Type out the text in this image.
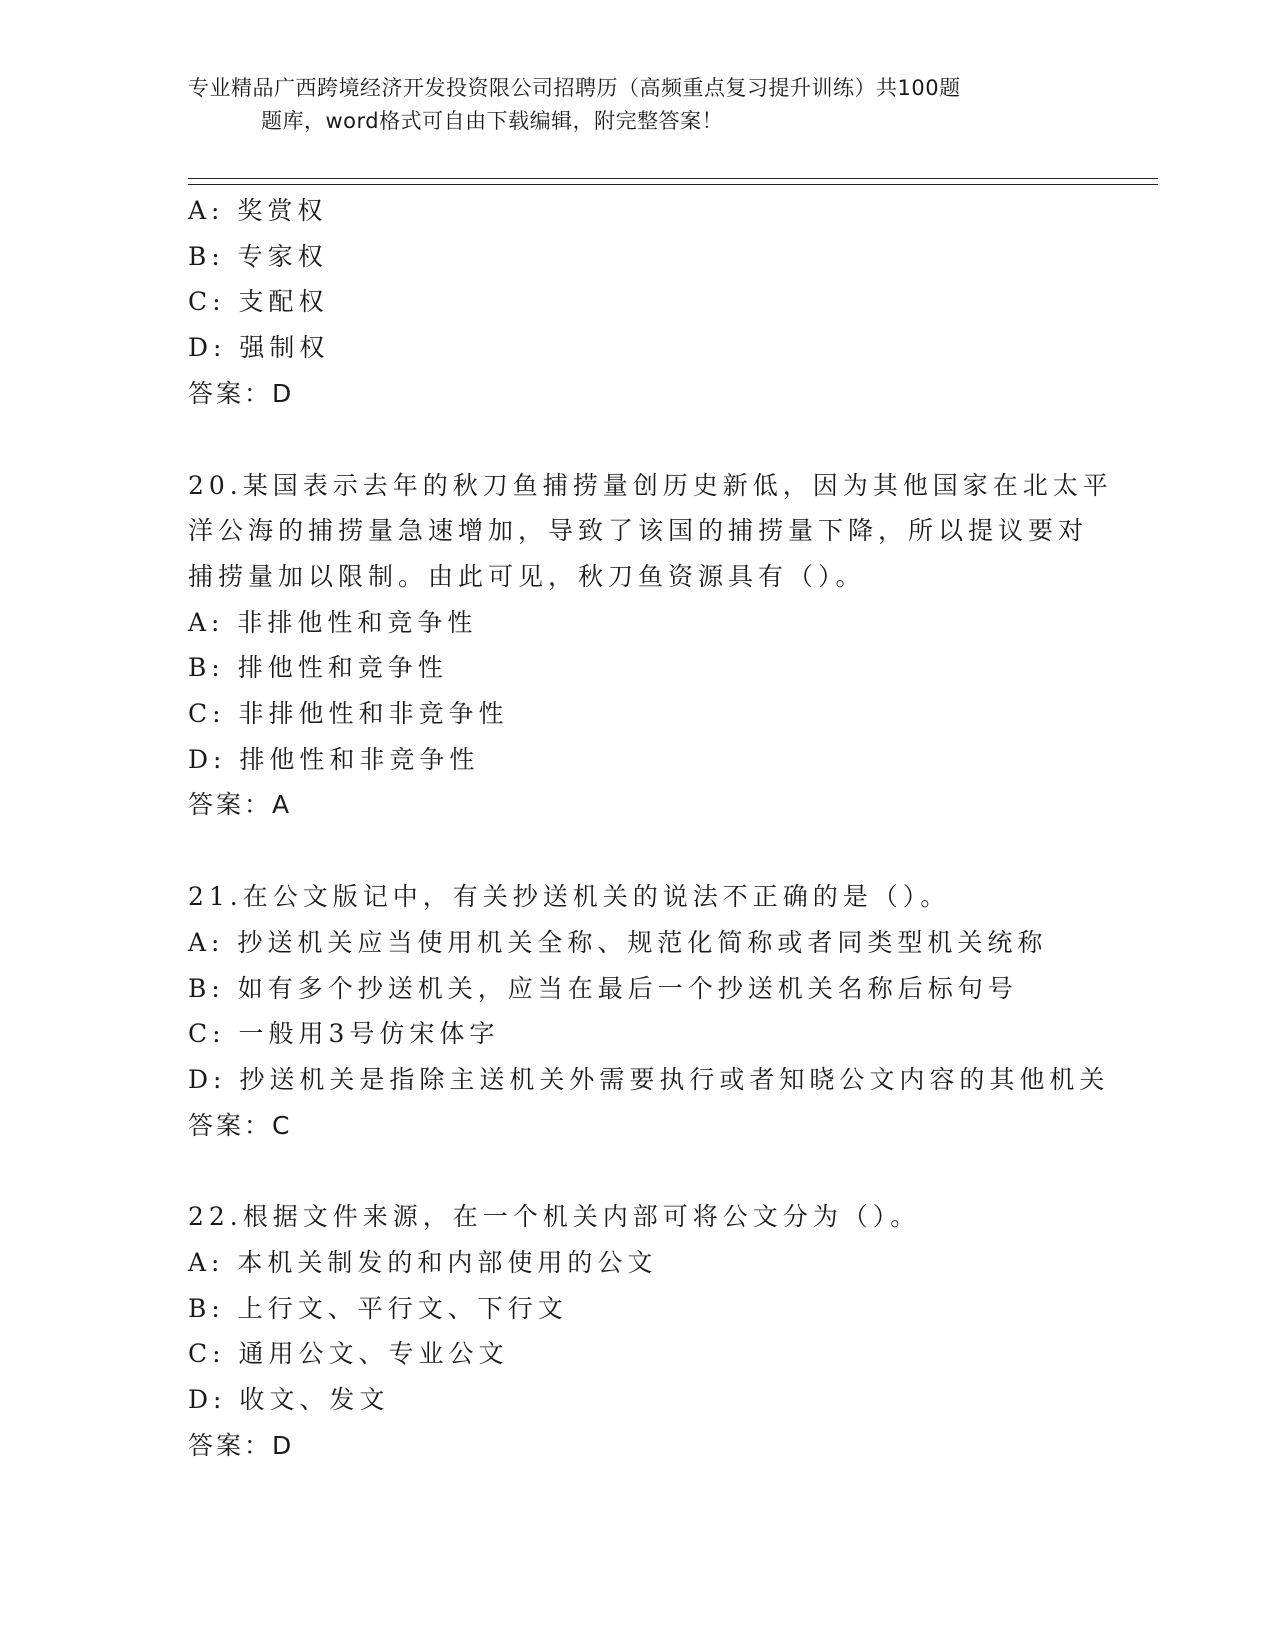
专业精品广西跨境经济开发投资限公司招聘历（高频重点复习提升训练）共100题
题库，word格式可自由下载编辑，附完整答案！
A: 奖赏权
B: 专家权
C: 支配权
D: 强制权
答案：D
20.某国表示去年的秋刀鱼捕捞量创历史新低，因为其他国家在北太平
洋公海的捕捞量急速增加，导致了该国的捕捞量下降，所以提议要对
捕捞量加以限制。由此可见，秋刀鱼资源具有（）。
A: 非排他性和竞争性
B: 排他性和竞争性
C: 非排他性和非竞争性
D: 排他性和非竞争性
答案：A
21.在公文版记中，有关抄送机关的说法不正确的是（）。
A: 抄送机关应当使用机关全称、规范化简称或者同类型机关统称
B: 如有多个抄送机关，应当在最后一个抄送机关名称后标句号
C: 一般用3号仿宋体字
D: 抄送机关是指除主送机关外需要执行或者知晓公文内容的其他机关
答案：C
22.根据文件来源，在一个机关内部可将公文分为（）。
A: 本机关制发的和内部使用的公文
B: 上行文、平行文、下行文
C: 通用公文、专业公文
D: 收文、发文
答案：D
